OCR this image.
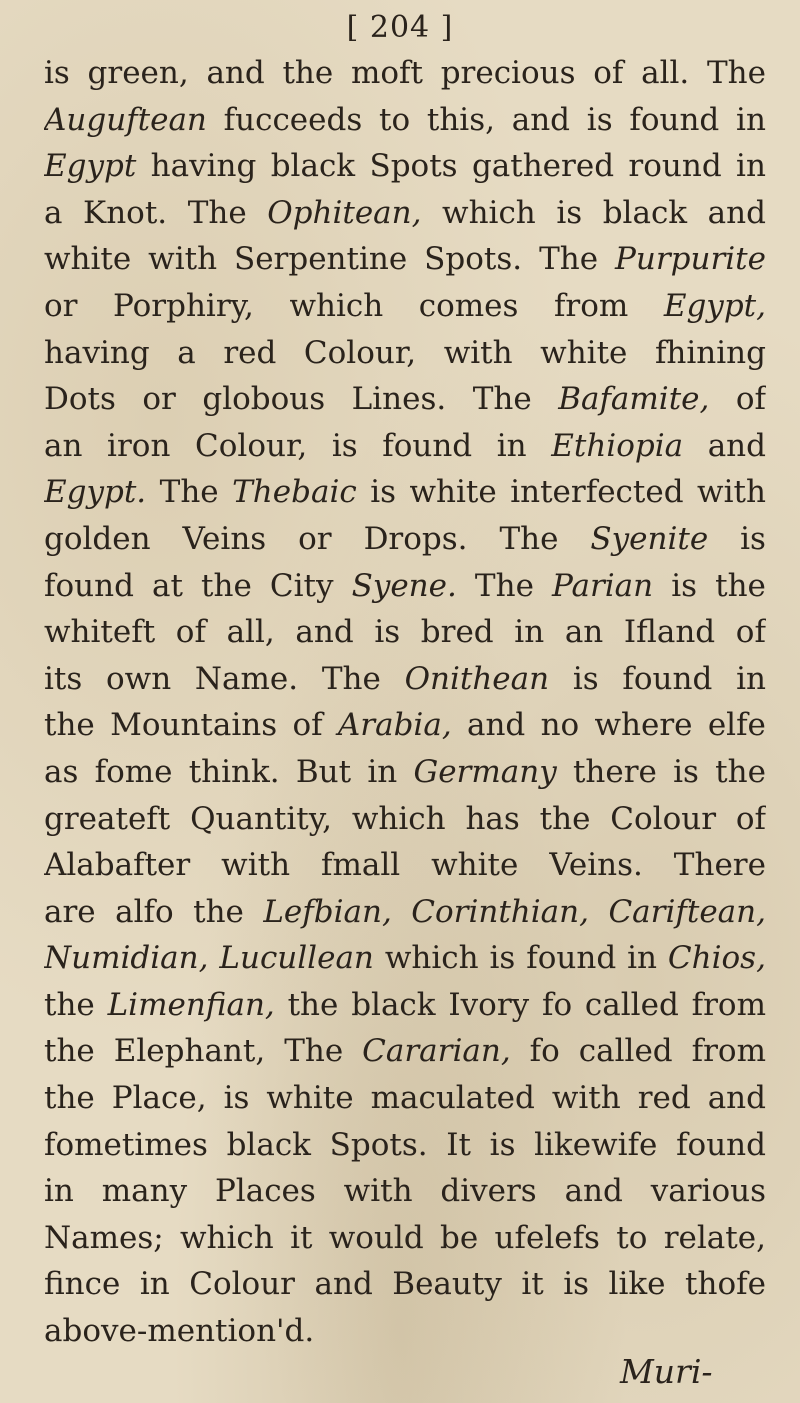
[ 204 ]
is green, and the moft precious of all. The
Auguftean fucceeds to this, and is found in
Egypt having black Spots gathered round in
a Knot. The Ophitean, which is black and
white with Serpentine Spots. The Purpurite
or Porphiry, which comes from Egypt,
having a red Colour, with white fhining
Dots or globous Lines. The Bafamite, of
an iron Colour, is found in Ethiopia and
Egypt. The Thebaic is white interfected with
golden Veins or Drops. The Syenite is
found at the City Syene. The Parian is the
whiteft of all, and is bred in an Ifland of
its own Name. The Onithean is found in
the Mountains of Arabia, and no where elfe
as fome think. But in Germany there is the
greateft Quantity, which has the Colour of
Alabafter with fmall white Veins. There
are alfo the Lefbian, Corinthian, Cariftean,
Numidian, Lucullean which is found in Chios,
the Limenfian, the black Ivory fo called from
the Elephant, The Cararian, fo called from
the Place, is white maculated with red and
fometimes black Spots. It is likewife found
in many Places with divers and various
Names; which it would be ufelefs to relate,
fince in Colour and Beauty it is like thofe
above-mention'd.
Muri-
